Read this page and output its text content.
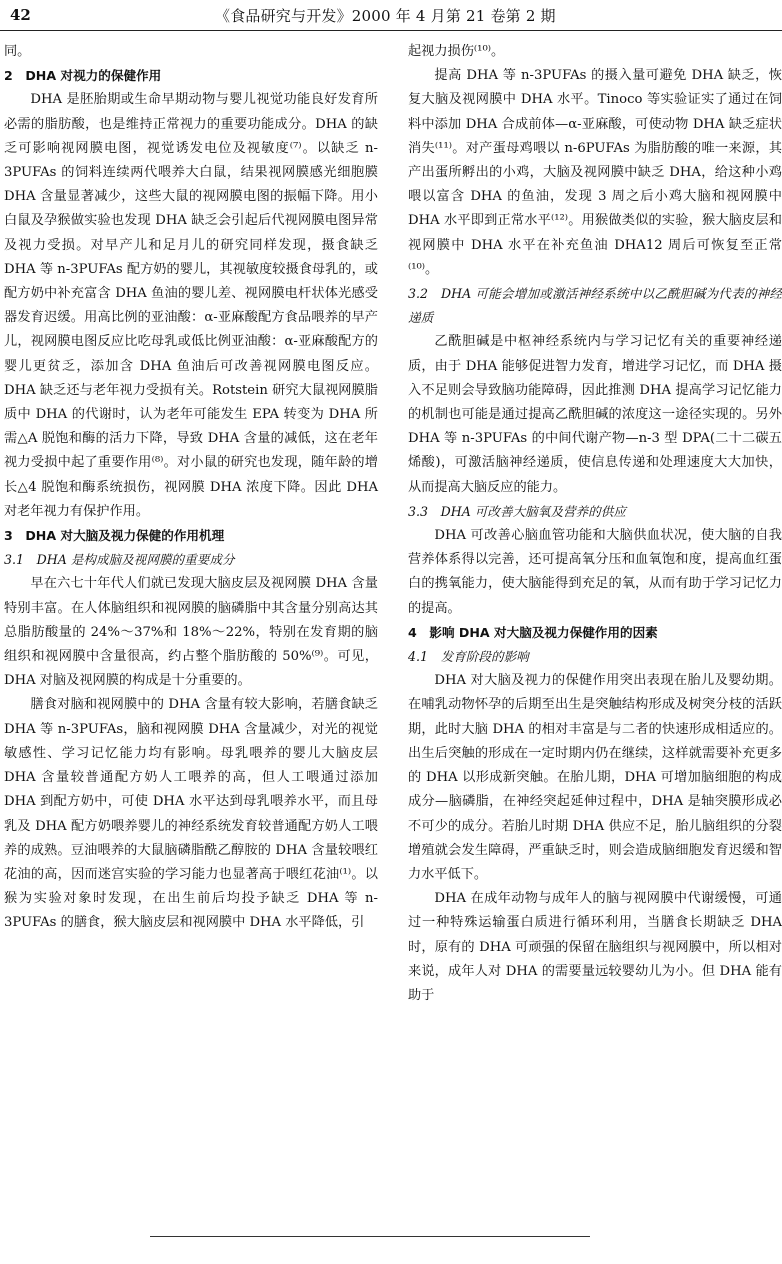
42	《食品研究与开发》2000 年 4 月第 21 卷第 2 期

同。

2　DHA 对视力的保健作用

DHA 是胚胎期或生命早期动物与婴儿视觉功能良好发育所必需的脂肪酸，也是维持正常视力的重要功能成分。DHA 的缺乏可影响视网膜电图，视觉诱发电位及视敏度⁽⁷⁾。以缺乏 n-3PUFAs 的饲料连续两代喂养大白鼠，结果视网膜感光细胞膜 DHA 含量显著减少，这些大鼠的视网膜电图的振幅下降。用小白鼠及孕猴做实验也发现 DHA 缺乏会引起后代视网膜电图异常及视力受损。对早产儿和足月儿的研究同样发现，摄食缺乏 DHA 等 n-3PUFAs 配方奶的婴儿，其视敏度较摄食母乳的，或配方奶中补充富含 DHA 鱼油的婴儿差、视网膜电杆状体光感受器发育迟缓。用高比例的亚油酸：α-亚麻酸配方食品喂养的早产儿，视网膜电图反应比吃母乳或低比例亚油酸：α-亚麻酸配方的婴儿更贫乏，添加含 DHA 鱼油后可改善视网膜电图反应。DHA 缺乏还与老年视力受损有关。Rotstein 研究大鼠视网膜脂质中 DHA 的代谢时，认为老年可能发生 EPA 转变为 DHA 所需△A 脱饱和酶的活力下降，导致 DHA 含量的减低，这在老年视力受损中起了重要作用⁽⁸⁾。对小鼠的研究也发现，随年龄的增长△4 脱饱和酶系统损伤，视网膜 DHA 浓度下降。因此 DHA 对老年视力有保护作用。

3　DHA 对大脑及视力保健的作用机理

3.1　DHA 是构成脑及视网膜的重要成分

早在六七十年代人们就已发现大脑皮层及视网膜 DHA 含量特别丰富。在人体脑组织和视网膜的脑磷脂中其含量分别高达其总脂肪酸量的 24%～37%和 18%～22%，特别在发育期的脑组织和视网膜中含量很高，约占整个脂肪酸的 50%⁽⁹⁾。可见，DHA 对脑及视网膜的构成是十分重要的。

膳食对脑和视网膜中的 DHA 含量有较大影响，若膳食缺乏 DHA 等 n-3PUFAs，脑和视网膜 DHA 含量减少，对光的视觉敏感性、学习记忆能力均有影响。母乳喂养的婴儿大脑皮层 DHA 含量较普通配方奶人工喂养的高，但人工喂通过添加 DHA 到配方奶中，可使 DHA 水平达到母乳喂养水平，而且母乳及 DHA 配方奶喂养婴儿的神经系统发育较普通配方奶人工喂养的成熟。豆油喂养的大鼠脑磷脂酰乙醇胺的 DHA 含量较喂红花油的高，因而迷宫实验的学习能力也显著高于喂红花油⁽¹⁾。以猴为实验对象时发现，在出生前后均投予缺乏 DHA 等 n-3PUFAs 的膳食，猴大脑皮层和视网膜中 DHA 水平降低，引

起视力损伤⁽¹⁰⁾。

提高 DHA 等 n-3PUFAs 的摄入量可避免 DHA 缺乏，恢复大脑及视网膜中 DHA 水平。Tinoco 等实验证实了通过在饲料中添加 DHA 合成前体—α-亚麻酸，可使动物 DHA 缺乏症状消失⁽¹¹⁾。对产蛋母鸡喂以 n-6PUFAs 为脂肪酸的唯一来源，其产出蛋所孵出的小鸡，大脑及视网膜中缺乏 DHA，给这种小鸡喂以富含 DHA 的鱼油，发现 3 周之后小鸡大脑和视网膜中 DHA 水平即到正常水平⁽¹²⁾。用猴做类似的实验，猴大脑皮层和视网膜中 DHA 水平在补充鱼油 DHA12 周后可恢复至正常⁽¹⁰⁾。

3.2　DHA 可能会增加或激活神经系统中以乙酰胆碱为代表的神经递质

乙酰胆碱是中枢神经系统内与学习记忆有关的重要神经递质，由于 DHA 能够促进智力发育，增进学习记忆，而 DHA 摄入不足则会导致脑功能障碍，因此推测 DHA 提高学习记忆能力的机制也可能是通过提高乙酰胆碱的浓度这一途径实现的。另外 DHA 等 n-3PUFAs 的中间代谢产物—n-3 型 DPA(二十二碳五烯酸)，可激活脑神经递质，使信息传递和处理速度大大加快，从而提高大脑反应的能力。

3.3　DHA 可改善大脑氧及营养的供应

DHA 可改善心脑血管功能和大脑供血状况，使大脑的自我营养体系得以完善，还可提高氧分压和血氧饱和度，提高血红蛋白的携氧能力，使大脑能得到充足的氧，从而有助于学习记忆力的提高。

4　影响 DHA 对大脑及视力保健作用的因素

4.1　发育阶段的影响

DHA 对大脑及视力的保健作用突出表现在胎儿及婴幼期。在哺乳动物怀孕的后期至出生是突触结构形成及树突分枝的活跃期，此时大脑 DHA 的相对丰富是与二者的快速形成相适应的。出生后突触的形成在一定时期内仍在继续，这样就需要补充更多的 DHA 以形成新突触。在胎儿期，DHA 可增加脑细胞的构成成分—脑磷脂，在神经突起延伸过程中，DHA 是轴突膜形成必不可少的成分。若胎儿时期 DHA 供应不足，胎儿脑组织的分裂增殖就会发生障碍，严重缺乏时，则会造成脑细胞发育迟缓和智力水平低下。

DHA 在成年动物与成年人的脑与视网膜中代谢缓慢，可通过一种特殊运输蛋白质进行循环利用，当膳食长期缺乏 DHA 时，原有的 DHA 可顽强的保留在脑组织与视网膜中，所以相对来说，成年人对 DHA 的需要量远较婴幼儿为小。但 DHA 能有助于
